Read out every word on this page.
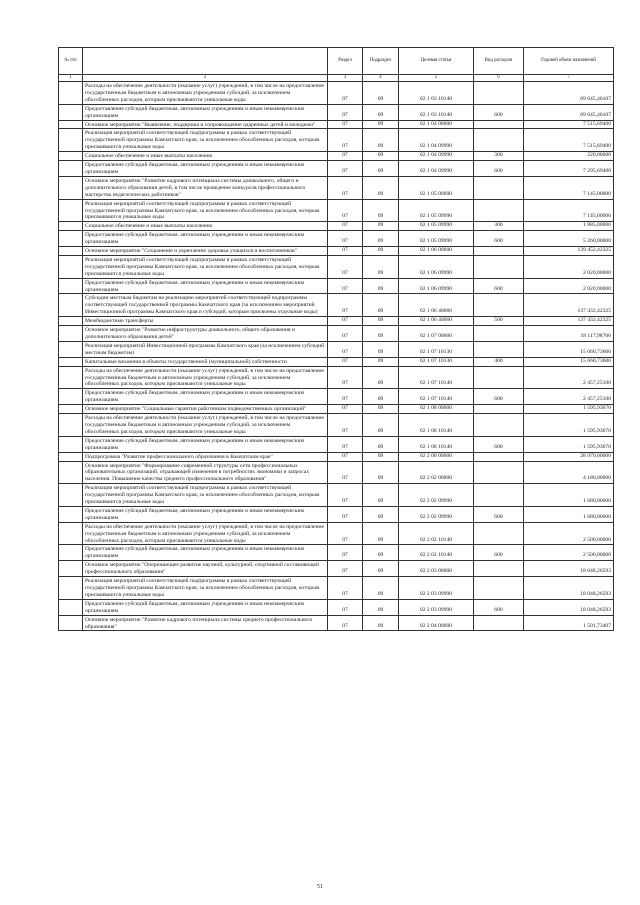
№ п/п		Раздел	Подраздел	Целевая статья	Вид расходов	Годовой объем назначений
1	2	3	4	5	6	7
	Расходы на обеспечение деятельности (оказание услуг) учреждений, в том числе на предоставление государственным бюджетным и автономным учреждениям субсидий, за исключением обособленных расходов, которым присваиваются уникальные коды	07	09	02 1 03 10140		69 645,46107
	Предоставление субсидий бюджетным, автономным учреждениям и иным некоммерческим организациям	07	09	02 1 03 10140	600	69 645,46107
	Основное мероприятие "Выявление, поддержка и сопровождение одаренных детей и молодежи"	07	09	02 1 04 00000		7 515,69400
	Реализация мероприятий соответствующей подпрограммы в рамках соответствующей государственной программы Камчатского края, за исключением обособленных расходов, которым присваиваются уникальные коды	07	09	02 1 04 09990		7 515,69400
	Социальное обеспечение и иные выплаты населению	07	09	02 1 04 09990	300	220,00000
	Предоставление субсидий бюджетным, автономным учреждениям и иным некоммерческим организациям	07	09	02 1 04 09990	600	7 295,69400
	Основное мероприятие "Развитие кадрового потенциала системы дошкольного, общего и дополнительного образования детей, в том числе проведение конкурсов профессионального мастерства педагогических работников"	07	09	02 1 05 00000		7 145,00000
	Реализация мероприятий соответствующей подпрограммы в рамках соответствующей государственной программы Камчатского края, за исключением обособленных расходов, которым присваиваются уникальные коды	07	09	02 1 05 09990		7 145,00000
	Социальное обеспечение и иные выплаты населению	07	09	02 1 05 09990	300	1 885,00000
	Предоставление субсидий бюджетным, автономным учреждениям и иным некоммерческим организациям	07	09	02 1 05 09990	600	5 260,00000
	Основное мероприятие "Сохранение и укрепление здоровья учащихся и воспитанников"	07	09	02 1 06 00000		139 452,42325
	Реализация мероприятий соответствующей подпрограммы в рамках соответствующей государственной программы Камчатского края, за исключением обособленных расходов, которым присваиваются уникальные коды	07	09	02 1 06 09990		2 020,00000
	Предоставление субсидий бюджетным, автономным учреждениям и иным некоммерческим организациям	07	09	02 1 06 09990	600	2 020,00000
	Субсидии местным бюджетам на реализацию мероприятий соответствующей подпрограммы соответствующей государственной программы Камчатского края (за исключением мероприятий Инвестиционной программы Камчатского края и субсидий, которым присвоены отдельные коды)	07	09	02 1 06 40060		137 432,42325
	Межбюджетные трансферты	07	09	02 1 06 40060	500	137 432,42325
	Основное мероприятие "Развитие инфраструктуры дошкольного, общего образования и дополнительного образования детей"	07	09	02 1 07 00000		18 117,98700
	Реализация мероприятий Инвестиционной программы Камчатского края (за исключением субсидий местным бюджетам)	07	09	02 1 07 10130		15 660,73600
	Капитальные вложения в объекты государственной (муниципальной) собственности	07	09	02 1 07 10130	400	15 660,73600
	Расходы на обеспечение деятельности (оказание услуг) учреждений, в том числе на предоставление государственным бюджетным и автономным учреждениям субсидий, за исключением обособленных расходов, которым присваиваются уникальные коды	07	09	02 1 07 10140		2 457,25100
	Предоставление субсидий бюджетным, автономным учреждениям и иным некоммерческим организациям	07	09	02 1 07 10140	600	2 457,25100
	Основное мероприятие "Социальные гарантии работникам подведомственных организаций"	07	09	02 1 08 00000		1 595,93670
	Расходы на обеспечение деятельности (оказание услуг) учреждений, в том числе на предоставление государственным бюджетным и автономным учреждениям субсидий, за исключением обособленных расходов, которым присваиваются уникальные коды	07	09	02 1 08 10140		1 595,93670
	Предоставление субсидий бюджетным, автономным учреждениям и иным некоммерческим организациям	07	09	02 1 08 10140	600	1 595,93670
	Подпрограмма "Развитие профессионального образования в Камчатском крае"	07	09	02 2 00 00000		28 970,00000
	Основное мероприятие "Формирование современной структуры сети профессиональных образовательных организаций, отражающей изменения в потребностях экономики и запросах населения. Повышение качества среднего профессионального образования"	07	09	02 2 02 00000		4 180,00000
	Реализация мероприятий соответствующей подпрограммы в рамках соответствующей государственной программы Камчатского края, за исключением обособленных расходов, которым присваиваются уникальные коды	07	09	02 2 02 09990		1 680,00000
	Предоставление субсидий бюджетным, автономным учреждениям и иным некоммерческим организациям	07	09	02 2 02 09990	600	1 680,00000
	Расходы на обеспечение деятельности (оказание услуг) учреждений, в том числе на предоставление государственным бюджетным и автономным учреждениям субсидий, за исключением обособленных расходов, которым присваиваются уникальные коды	07	09	02 2 02 10140		2 500,00000
	Предоставление субсидий бюджетным, автономным учреждениям и иным некоммерческим организациям	07	09	02 2 02 10140	600	2 500,00000
	Основное мероприятие "Опережающее развитие научной, культурной, спортивной составляющей профессионального образования"	07	09	02 2 03 00000		18 048,26593
	Реализация мероприятий соответствующей подпрограммы в рамках соответствующей государственной программы Камчатского края, за исключением обособленных расходов, которым присваиваются уникальные коды	07	09	02 2 03 09990		18 048,26593
	Предоставление субсидий бюджетным, автономным учреждениям и иным некоммерческим организациям	07	09	02 2 03 09990	600	18 048,26593
	Основное мероприятие "Развитие кадрового потенциала системы среднего профессионального образования"	07	09	02 2 04 00000		1 501,73407
51
